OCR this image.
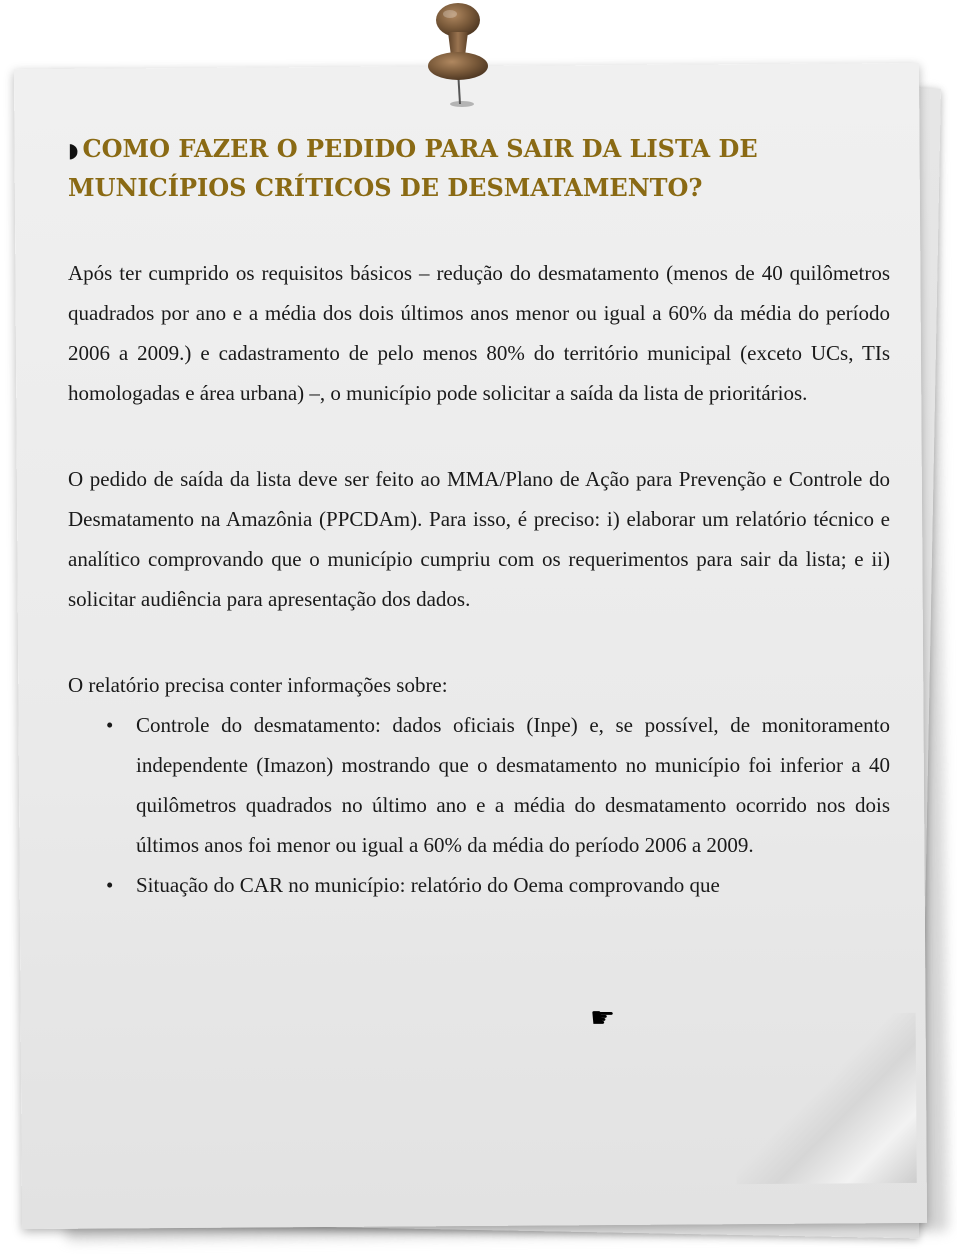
◗ COMO FAZER O PEDIDO PARA SAIR DA LISTA DE MUNICÍPIOS CRÍTICOS DE DESMATAMENTO?

Após ter cumprido os requisitos básicos – redução do desmatamento (menos de 40 quilômetros quadrados por ano e a média dos dois últimos anos menor ou igual a 60% da média do período 2006 a 2009.) e cadastramento de pelo menos 80% do território municipal (exceto UCs, TIs homologadas e área urbana) –, o município pode solicitar a saída da lista de prioritários.

O pedido de saída da lista deve ser feito ao MMA/Plano de Ação para Prevenção e Controle do Desmatamento na Amazônia (PPCDAm). Para isso, é preciso: i) elaborar um relatório técnico e analítico comprovando que o município cumpriu com os requerimentos para sair da lista; e ii) solicitar audiência para apresentação dos dados.

O relatório precisa conter informações sobre:

• Controle do desmatamento: dados oficiais (Inpe) e, se possível, de monitoramento independente (Imazon) mostrando que o desmatamento no município foi inferior a 40 quilômetros quadrados no último ano e a média do desmatamento ocorrido nos dois últimos anos foi menor ou igual a 60% da média do período 2006 a 2009.
• Situação do CAR no município: relatório do Oema comprovando que
☛
